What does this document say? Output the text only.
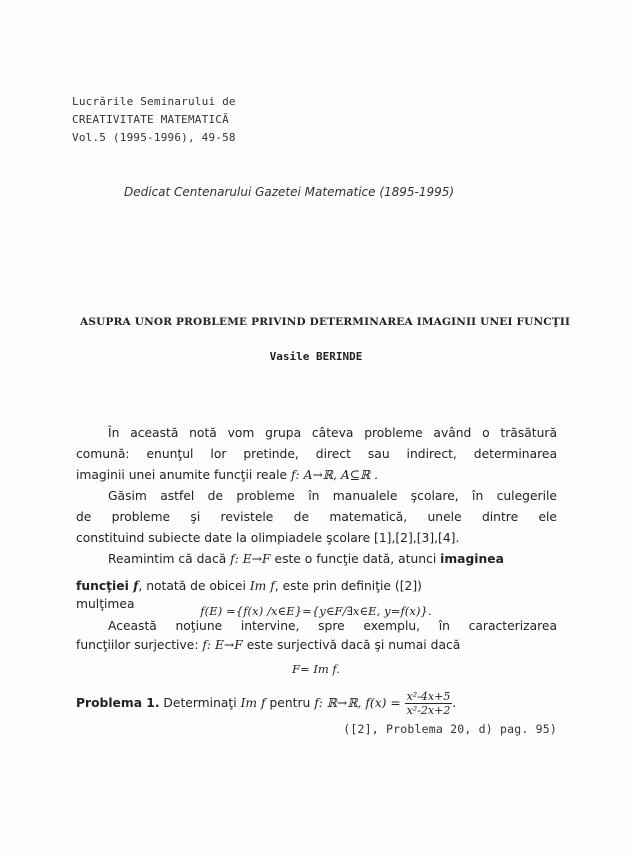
Lucrările Seminarului de
CREATIVITATE MATEMATICĂ
Vol.5 (1995-1996), 49-58
Dedicat Centenarului Gazetei Matematice (1895-1995)
ASUPRA UNOR PROBLEME PRIVIND DETERMINAREA IMAGINII UNEI FUNCŢII
Vasile BERINDE
În această notă vom grupa câteva probleme având o trăsătură
comună: enunţul lor pretinde, direct sau indirect, determinarea
imaginii unei anumite funcţii reale f: A→ℝ, A⊆ℝ .
Găsim astfel de probleme în manualele şcolare, în culegerile
de probleme şi revistele de matematică, unele dintre ele
constituind subiecte date la olimpiadele şcolare [1],[2],[3],[4].
Reamintim că dacă f: E→F este o funcţie dată, atunci imaginea
funcţiei f, notată de obicei Im f, este prin definiţie ([2])
mulţimea	f(E) ={f(x) /x∈E}={y∈F/∃x∈E, y=f(x)}.
Această noţiune intervine, spre exemplu, în caracterizarea
funcţiilor surjective: f: E→F este surjectivă dacă şi numai dacă
F= Im f.
Problema 1. Determinaţi Im f pentru f: ℝ→ℝ, $f(x) = \frac{\text{x²-4x+5}}{\text{x²-2x+2}}$ .
([2], Problema 20, d) pag. 95)
